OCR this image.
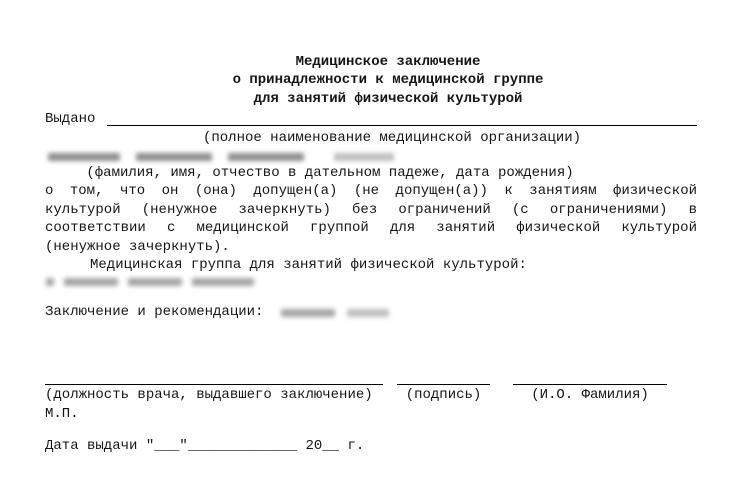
Медицинское заключение
о принадлежности к медицинской группе
для занятий физической культурой
Выдано
(полное наименование медицинской организации)
(фамилия, имя, отчество в дательном падеже, дата рождения)
о том, что он (она) допущен(а) (не допущен(а)) к занятиям физической
культурой (ненужное зачеркнуть) без ограничений (с ограничениями) в
соответствии с медицинской группой для занятий физической культурой
(ненужное зачеркнуть).
Медицинская группа для занятий физической культурой:
Заключение и рекомендации:
(должность врача, выдавшего заключение)	(подпись)	(И.О. Фамилия)
М.П.
Дата выдачи "___"_____________ 20__ г.
